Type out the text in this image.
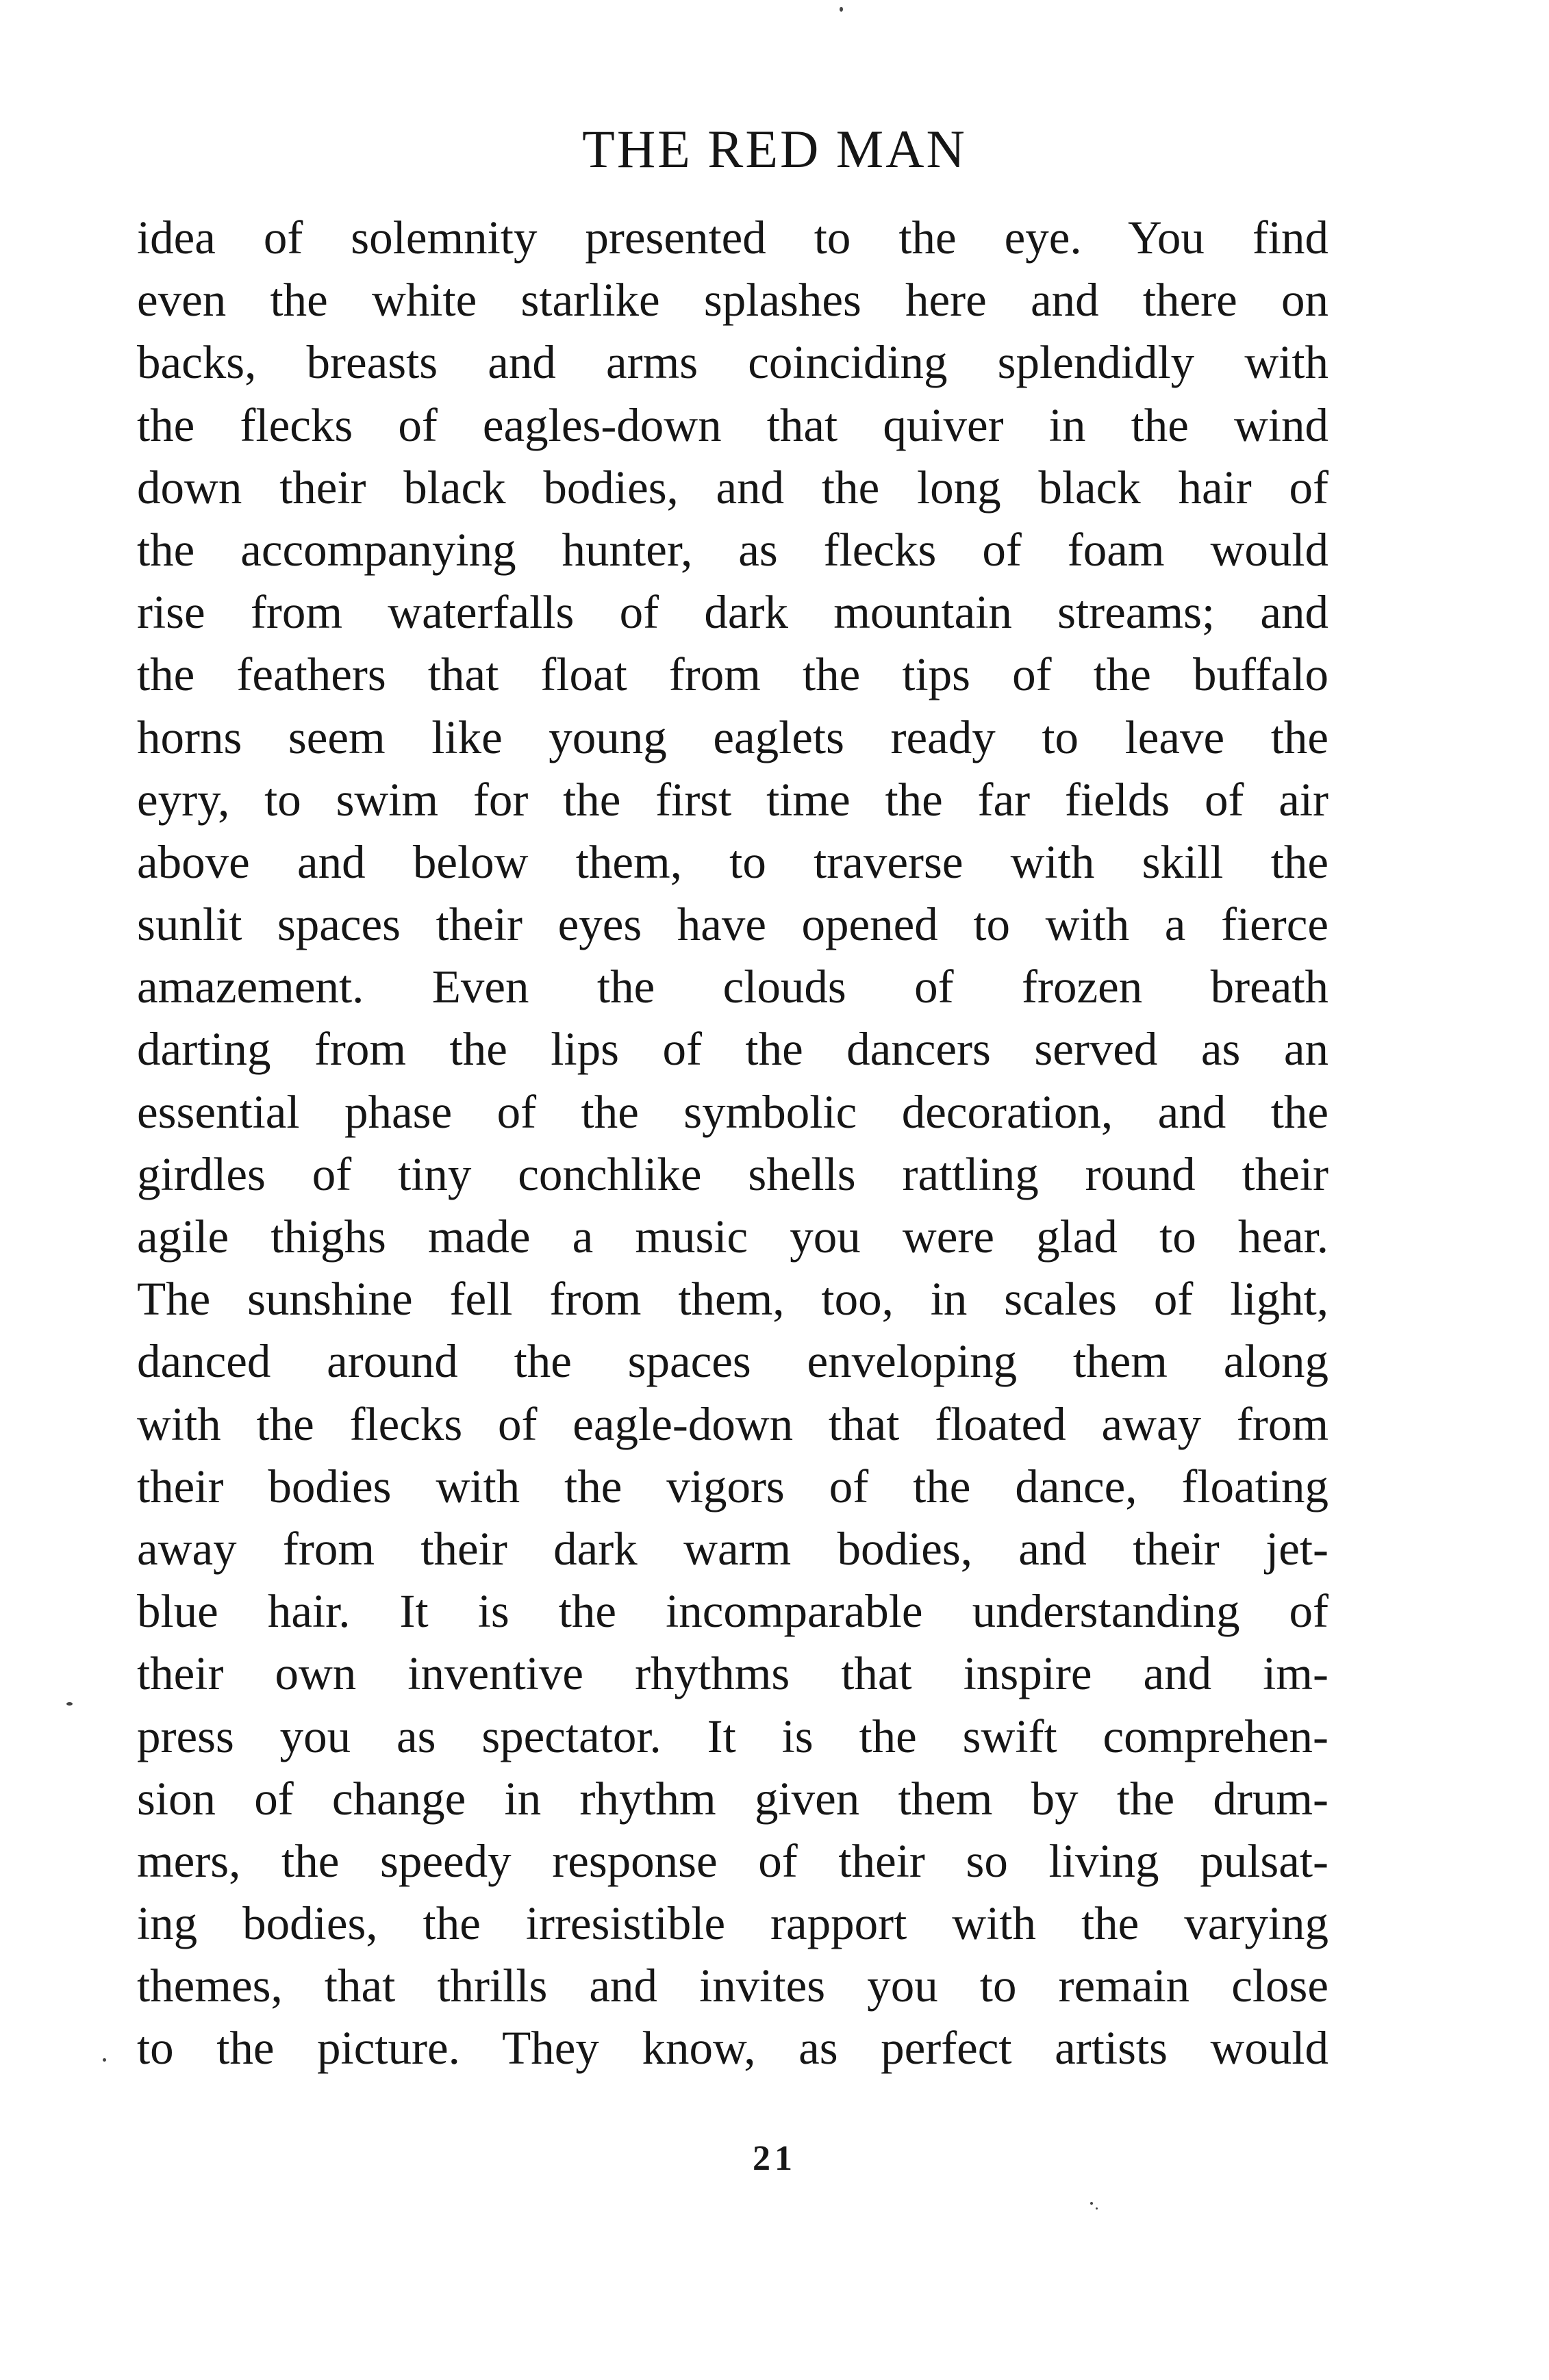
THE RED MAN
idea of solemnity presented to the eye. You find
even the white starlike splashes here and there on
backs, breasts and arms coinciding splendidly with
the flecks of eagles-down that quiver in the wind
down their black bodies, and the long black hair of
the accompanying hunter, as flecks of foam would
rise from waterfalls of dark mountain streams; and
the feathers that float from the tips of the buffalo
horns seem like young eaglets ready to leave the
eyry, to swim for the first time the far fields of air
above and below them, to traverse with skill the
sunlit spaces their eyes have opened to with a fierce
amazement. Even the clouds of frozen breath
darting from the lips of the dancers served as an
essential phase of the symbolic decoration, and the
girdles of tiny conchlike shells rattling round their
agile thighs made a music you were glad to hear.
The sunshine fell from them, too, in scales of light,
danced around the spaces enveloping them along
with the flecks of eagle-down that floated away from
their bodies with the vigors of the dance, floating
away from their dark warm bodies, and their jet-
blue hair. It is the incomparable understanding of
their own inventive rhythms that inspire and im-
press you as spectator. It is the swift comprehen-
sion of change in rhythm given them by the drum-
mers, the speedy response of their so living pulsat-
ing bodies, the irresistible rapport with the varying
themes, that thrills and invites you to remain close
to the picture. They know, as perfect artists would
21
